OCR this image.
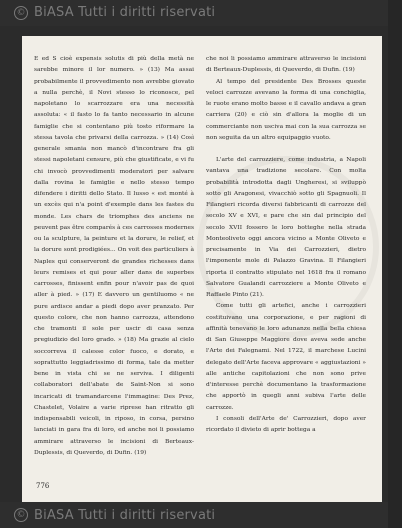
© BiASA Tutti i diritti riservati

E ed S cioè expensis solutis di più della metà ne sarebbe minore il lor numero. » (13) Ma assai probabilmente il provvedimento non avrebbe giovato a nulla perchè, il Novi stesso lo riconosce, pel napoletano lo scarrozzare era una necessità assoluta: « il fasto lo fa tanto necessario in alcune famiglie che si contentano più tosto riformare la stessa tavola che privarsi della carrozza. » (14) Così generale smania non mancò d'incontrare fra gli stessi napoletani censure, più che giustificate, e vi fu chi invocò provvedimenti moderatori per salvare dalla rovina le famiglie e nello stesso tempo difendere i diritti dello Stato. Il lusso « est monté à un excès qui n'a point d'exemple dans les fastes du monde. Les chars de triomphes des anciens ne peuvent pas être comparés à ces carrosses modernes ou la sculpture, la peinture et la dorure, le relief, et la dorure sont prodigiées... On voit des particuliers à Naples qui conserveront de grandes richesses dans leurs remises et qui pour aller dans de superbes carrosses, finissent enfin pour n'avoir pas de quoi aller à pied. » (17) E davvero un gentiluomo « ne pure ardisce andar a piedi dopo aver pranzato. Per questo colore, che non hanno carrozza, attendono che tramonti il sole per uscir di casa senza pregiudizio del loro grado. » (18) Ma grazie al cielo soccorreva il calesse color fuoco, e dorato, e soprattutto leggiadrissimo di forma, tale da metter bene in vista chi se ne serviva. I diligenti collaboratori dell'abate de Saint-Non si sono incaricati di tramandarcene l'immagine: Des Prez, Chastelet, Volaire a varie riprese han ritratto gli indispensabili veicoli, in riposo, in corsa, persino lanciati in gara fra di loro, ed anche noi li possiamo ammirare attraverso le incisioni di Berteaux-Duplessis, di Queverdo, di Dufin. (19)

che noi li possiamo ammirare attraverso le incisioni di Berteaux-Duplessis, di Queverdo, di Dufin. (19)

Al tempo del presidente Des Brosses queste veloci carrozze avevano la forma di una conchiglia, le ruote erano molto basse e il cavallo andava a gran carriera (20) e ciò sin d'allora la moglie di un commerciante non usciva mai con la sua carrozza se non seguita da un altro equipaggio vuoto.

L'arte del carrozziere, come industria, a Napoli vantava una tradizione secolare. Con molta probabilità introdotta dagli Ungheresi, si sviluppò sotto gli Aragonesi, vivacchiò sotto gli Spagnuoli. Il Filangieri ricorda diversi fabbricanti di carrozze del secolo XV e XVI, e pare che sin dal principio del secolo XVII fossero le loro botteghe nella strada Monteoliveto oggi ancora vicino a Monte Oliveto e precisamente in Via dei Carrozzieri, dietro l'imponente mole di Palazzo Gravina. Il Filangieri riporta il contratto stipulato nel 1618 fra il romano Salvatore Gualandi carrozziere a Monte Oliveto e Raffaele Pinto (21).

Come tutti gli artefici, anche i carrozzieri costituivano una corporazione, e per ragioni di affinità tenevano le loro adunanze nella bella chiesa di San Giuseppe Maggiore dove aveva sede anche l'Arte dei Falegnami. Nel 1722, il marchese Lucini delegato dell'Arte faceva approvare « aggiustazioni » alle antiche capitolazioni che non sono prive d'interesse perchè documentano la trasformazione che apportò in quegli anni subiva l'arte delle carrozze.

I consoli dell'Arte de' Carrozzieri, dopo aver ricordato il divieto di aprir bottega a

776
© BiASA Tutti i diritti riservati
